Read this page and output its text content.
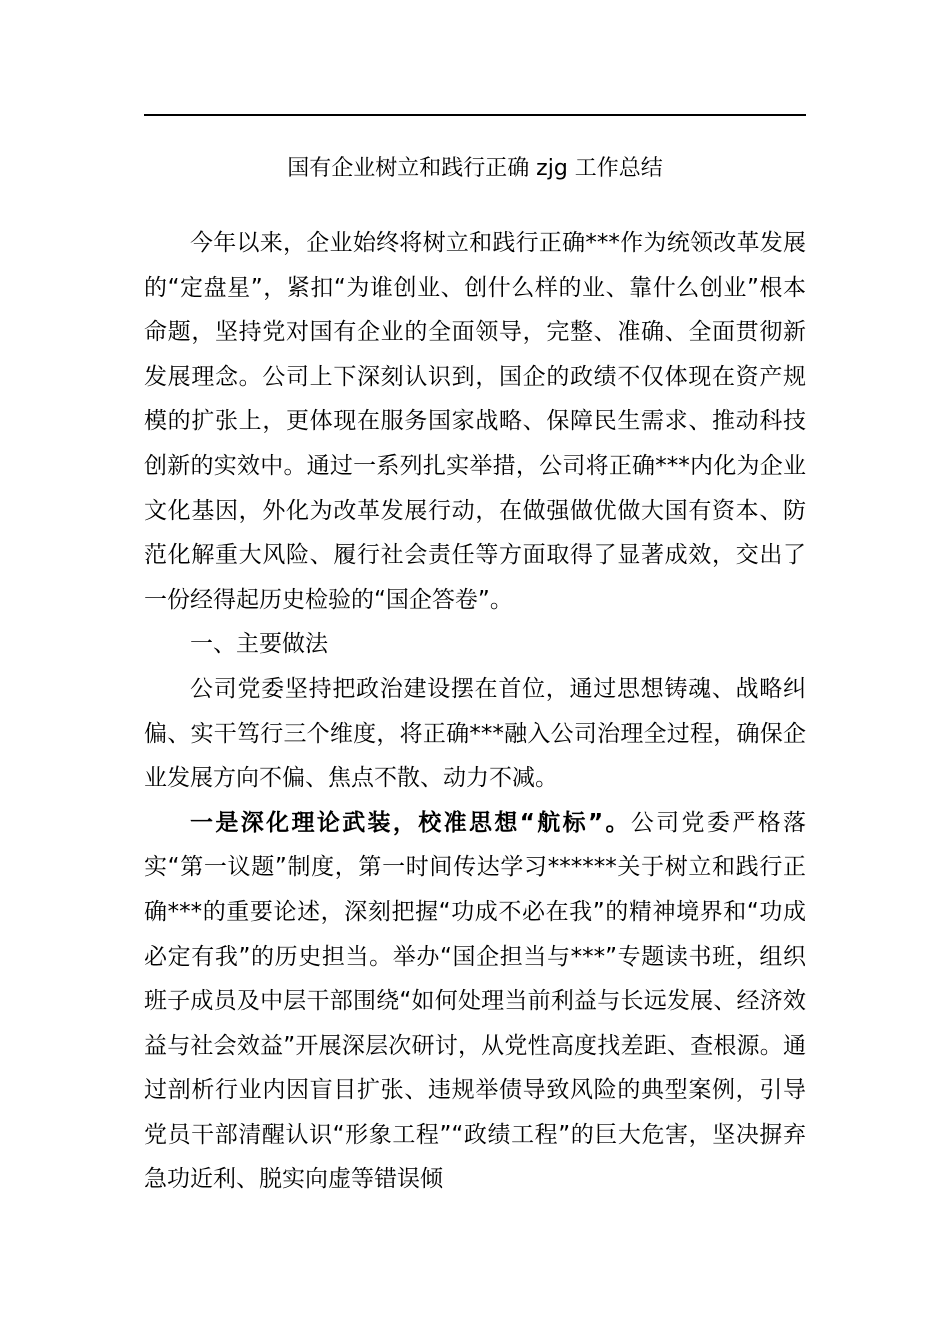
国有企业树立和践行正确 zjg 工作总结

今年以来，企业始终将树立和践行正确***作为统领改革发展的“定盘星”，紧扣“为谁创业、创什么样的业、靠什么创业”根本命题，坚持党对国有企业的全面领导，完整、准确、全面贯彻新发展理念。公司上下深刻认识到，国企的政绩不仅体现在资产规模的扩张上，更体现在服务国家战略、保障民生需求、推动科技创新的实效中。通过一系列扎实举措，公司将正确***内化为企业文化基因，外化为改革发展行动，在做强做优做大国有资本、防范化解重大风险、履行社会责任等方面取得了显著成效，交出了一份经得起历史检验的“国企答卷”。

一、主要做法

公司党委坚持把政治建设摆在首位，通过思想铸魂、战略纠偏、实干笃行三个维度，将正确***融入公司治理全过程，确保企业发展方向不偏、焦点不散、动力不减。

一是深化理论武装，校准思想“航标”。公司党委严格落实“第一议题”制度，第一时间传达学习******关于树立和践行正确***的重要论述，深刻把握“功成不必在我”的精神境界和“功成必定有我”的历史担当。举办“国企担当与***”专题读书班，组织班子成员及中层干部围绕“如何处理当前利益与长远发展、经济效益与社会效益”开展深层次研讨，从党性高度找差距、查根源。通过剖析行业内因盲目扩张、违规举债导致风险的典型案例，引导党员干部清醒认识“形象工程”“政绩工程”的巨大危害，坚决摒弃急功近利、脱实向虚等错误倾
